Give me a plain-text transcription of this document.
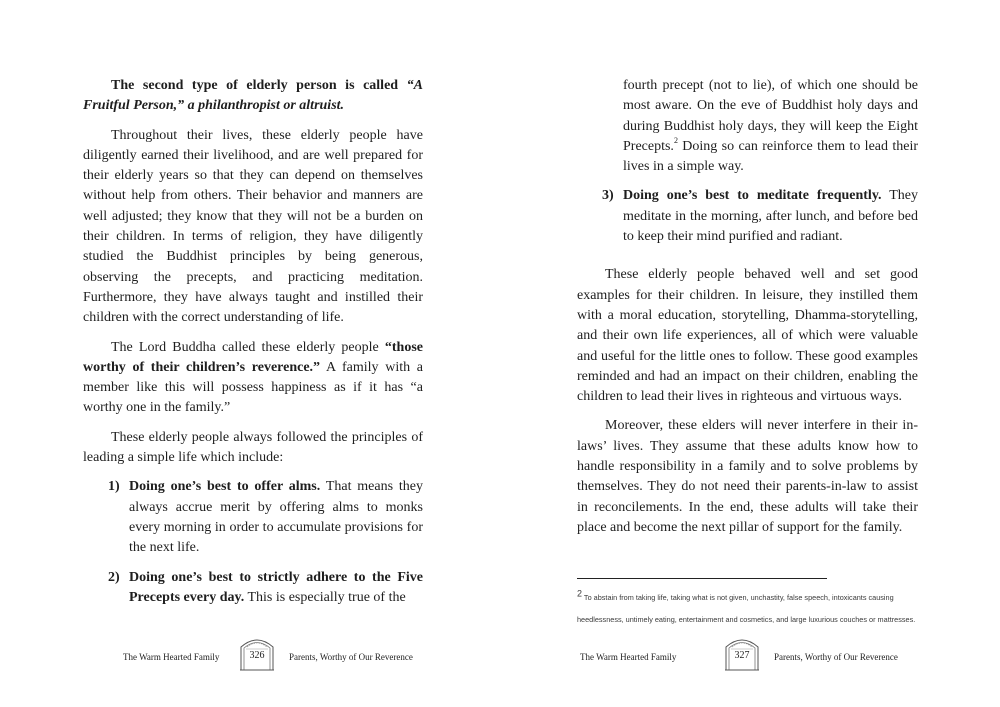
The second type of elderly person is called “A Fruitful Person,” a philanthropist or altruist.

Throughout their lives, these elderly people have diligently earned their livelihood, and are well prepared for their elderly years so that they can depend on themselves without help from others. Their behavior and manners are well adjusted; they know that they will not be a burden on their children. In terms of religion, they have diligently studied the Buddhist principles by being generous, observing the precepts, and practicing meditation. Furthermore, they have always taught and instilled their children with the correct understanding of life.

The Lord Buddha called these elderly people “those worthy of their children’s reverence.” A family with a member like this will possess happiness as if it has “a worthy one in the family.”

These elderly people always followed the principles of leading a simple life which include:

1) Doing one’s best to offer alms. That means they always accrue merit by offering alms to monks every morning in order to accumulate provisions for the next life.

2) Doing one’s best to strictly adhere to the Five Precepts every day. This is especially true of the

The Warm Hearted Family	326	Parents, Worthy of Our Reverence

fourth precept (not to lie), of which one should be most aware. On the eve of Buddhist holy days and during Buddhist holy days, they will keep the Eight Precepts.$^2$ Doing so can reinforce them to lead their lives in a simple way.

3) Doing one’s best to meditate frequently. They meditate in the morning, after lunch, and before bed to keep their mind purified and radiant.

These elderly people behaved well and set good examples for their children. In leisure, they instilled them with a moral education, storytelling, Dhamma-storytelling, and their own life experiences, all of which were valuable and useful for the little ones to follow. These good examples reminded and had an impact on their children, enabling the children to lead their lives in righteous and virtuous ways.

Moreover, these elders will never interfere in their in-laws’ lives. They assume that these adults know how to handle responsibility in a family and to solve problems by themselves. They do not need their parents-in-law to assist in reconcilements. In the end, these adults will take their place and become the next pillar of support for the family.

2 To abstain from taking life, taking what is not given, unchastity, false speech, intoxicants causing heedlessness, untimely eating, entertainment and cosmetics, and large luxurious couches or mattresses.
The Warm Hearted Family	327	Parents, Worthy of Our Reverence
